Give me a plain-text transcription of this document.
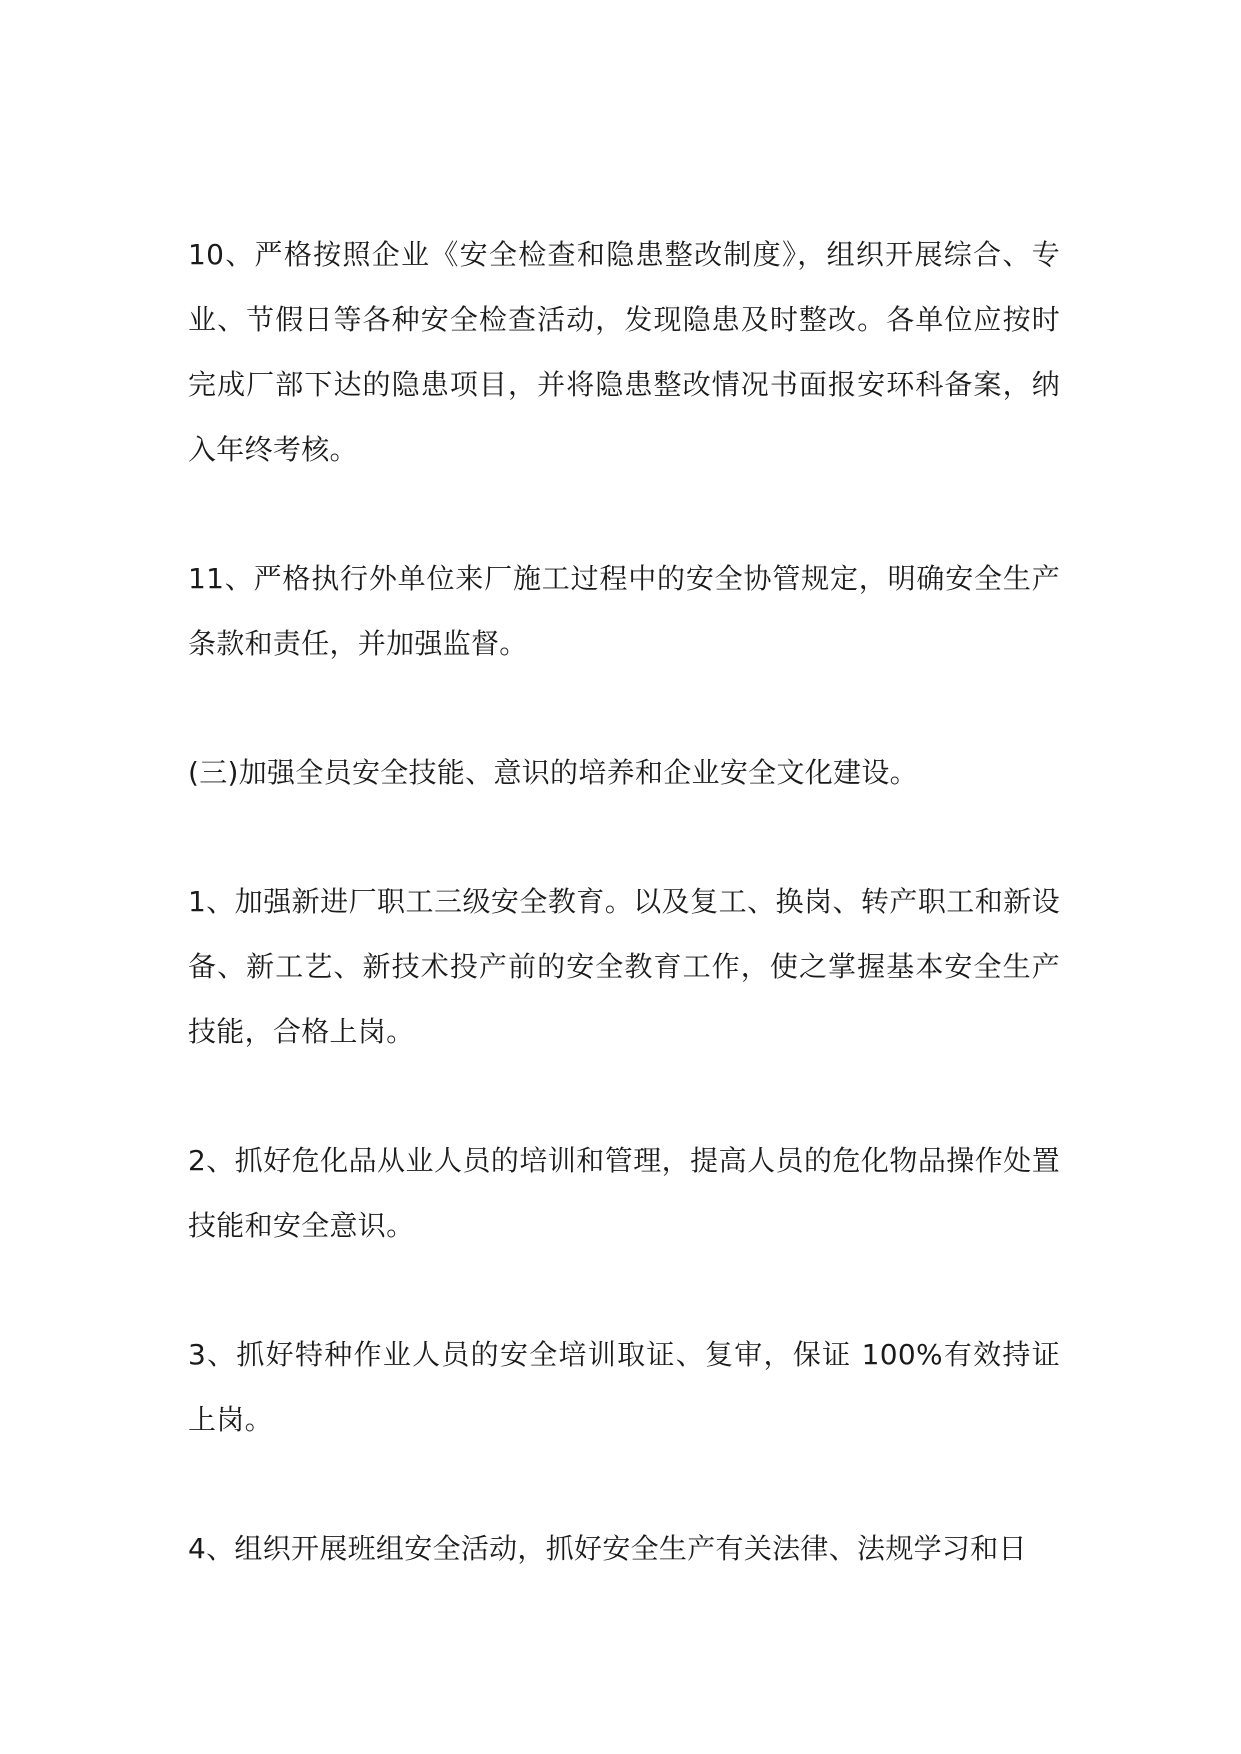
10、严格按照企业《安全检查和隐患整改制度》，组织开展综合、专业、节假日等各种安全检查活动，发现隐患及时整改。各单位应按时完成厂部下达的隐患项目，并将隐患整改情况书面报安环科备案，纳入年终考核。

11、严格执行外单位来厂施工过程中的安全协管规定，明确安全生产条款和责任，并加强监督。

(三)加强全员安全技能、意识的培养和企业安全文化建设。

1、加强新进厂职工三级安全教育。以及复工、换岗、转产职工和新设备、新工艺、新技术投产前的安全教育工作，使之掌握基本安全生产技能，合格上岗。

2、抓好危化品从业人员的培训和管理，提高人员的危化物品操作处置技能和安全意识。

3、抓好特种作业人员的安全培训取证、复审，保证 100%有效持证上岗。

4、组织开展班组安全活动，抓好安全生产有关法律、法规学习和日
